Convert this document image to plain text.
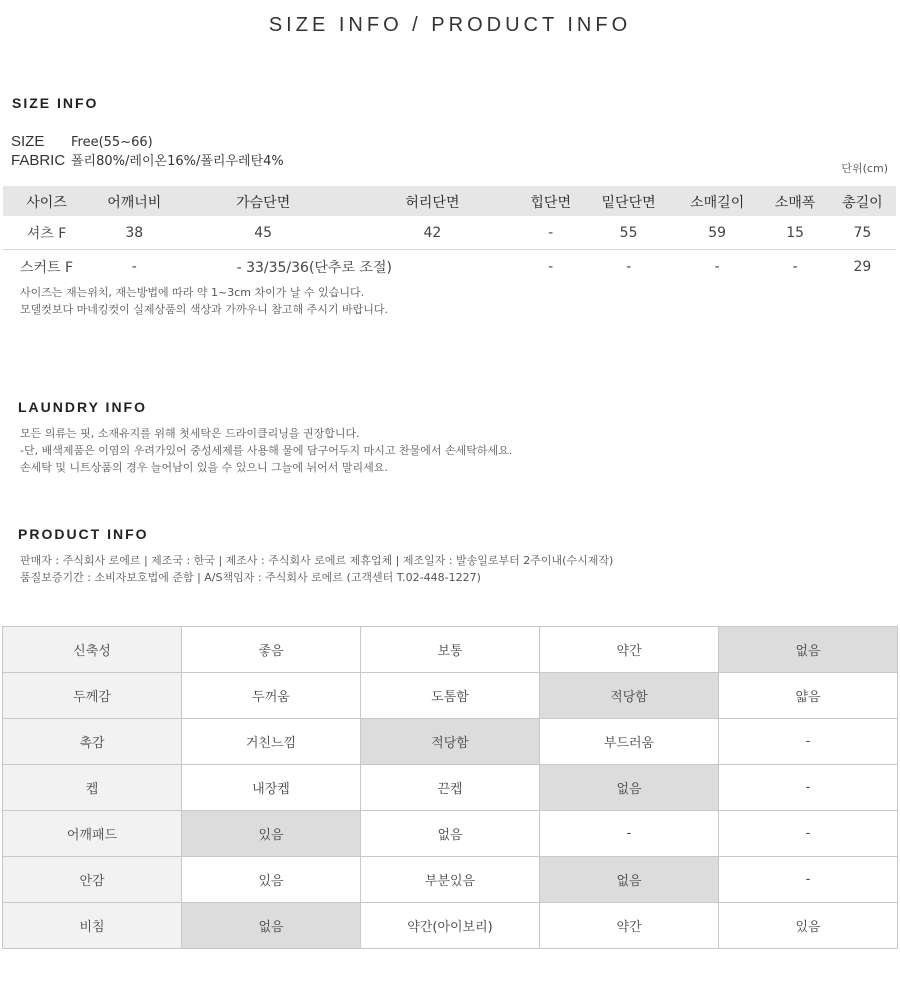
SIZE INFO / PRODUCT INFO
SIZE INFO
SIZE Free(55~66)
FABRIC 폴리80%/레이온16%/폴리우레탄4%	단위(cm)
사이즈	어깨너비	가슴단면	허리단면	힙단면	밑단단면	소매길이	소매폭	총길이
셔츠 F	38	45	42	-	55	59	15	75
스커트 F	-	- 33/35/36(단추로 조절)		-	-	-	-	29
사이즈는 재는위치, 재는방법에 따라 약 1~3cm 차이가 날 수 있습니다.
모델컷보다 마네킹컷이 실제상품의 색상과 가까우니 참고해 주시기 바랍니다.
LAUNDRY INFO
모든 의류는 핏, 소재유지를 위해 첫세탁은 드라이클리닝을 권장합니다.
-단, 배색제품은 이염의 우려가있어 중성세제를 사용해 물에 담구어두지 마시고 찬물에서 손세탁하세요.
손세탁 및 니트상품의 경우 늘어남이 있을 수 있으니 그늘에 뉘어서 말리세요.
PRODUCT INFO
판매자 : 주식회사 로에르 | 제조국 : 한국 | 제조사 : 주식회사 로에르 제휴업체 | 제조일자 : 발송일로부터 2주이내(수시제작)
품질보증기간 : 소비자보호법에 준함 | A/S책임자 : 주식회사 로에르 (고객센터 T.02-448-1227)
신축성	좋음	보통	약간	없음
두께감	두꺼움	도톰함	적당함	얇음
촉감	거친느낌	적당함	부드러움	-
켑	내장켑	끈켑	없음	-
어깨패드	있음	없음	-	-
안감	있음	부분있음	없음	-
비침	없음	약간(아이보리)	약간	있음
